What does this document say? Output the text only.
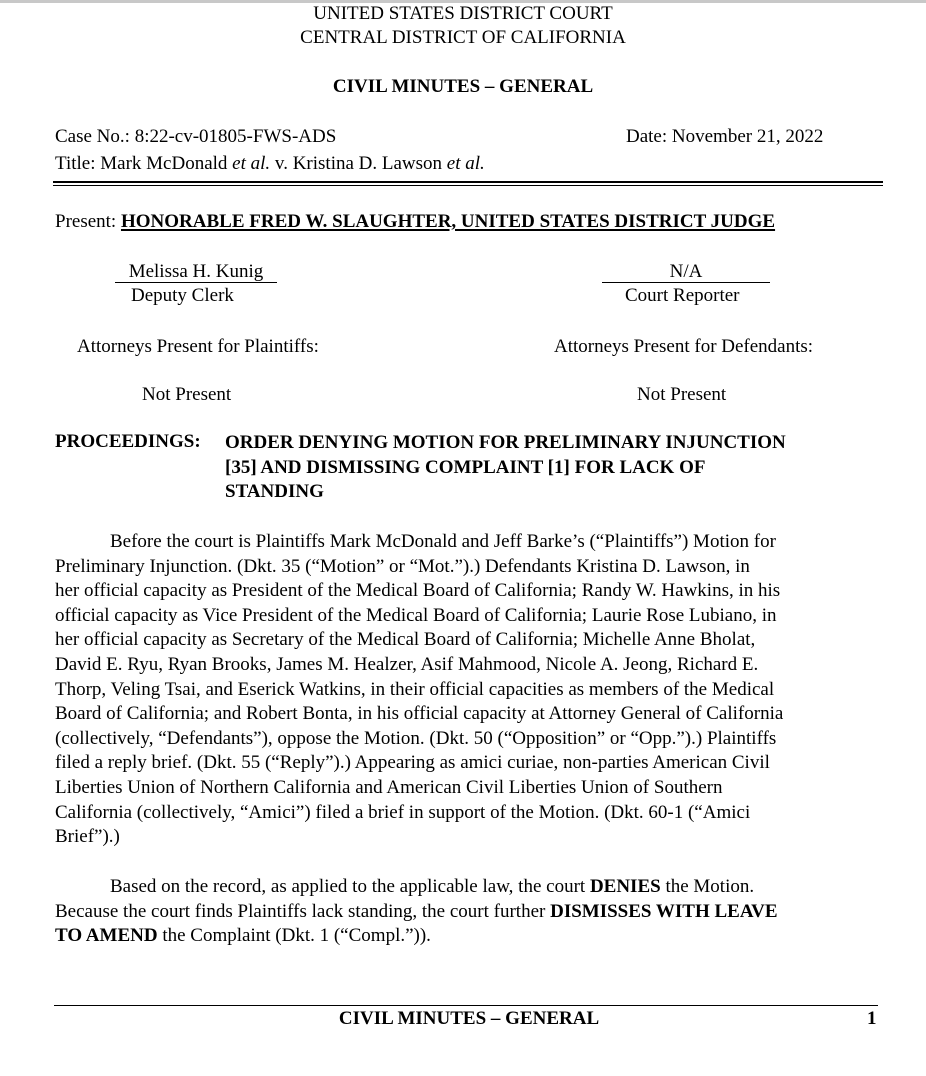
UNITED STATES DISTRICT COURT
CENTRAL DISTRICT OF CALIFORNIA
CIVIL MINUTES – GENERAL
Case No.: 8:22-cv-01805-FWS-ADS	Date: November 21, 2022
Title: Mark McDonald et al. v. Kristina D. Lawson et al.
Present: HONORABLE FRED W. SLAUGHTER, UNITED STATES DISTRICT JUDGE
Melissa H. Kunig
Deputy Clerk
N/A
Court Reporter
Attorneys Present for Plaintiffs:	Attorneys Present for Defendants:
Not Present	Not Present
PROCEEDINGS: ORDER DENYING MOTION FOR PRELIMINARY INJUNCTION
[35] AND DISMISSING COMPLAINT [1] FOR LACK OF
STANDING
Before the court is Plaintiffs Mark McDonald and Jeff Barke’s (“Plaintiffs”) Motion for
Preliminary Injunction. (Dkt. 35 (“Motion” or “Mot.”).) Defendants Kristina D. Lawson, in
her official capacity as President of the Medical Board of California; Randy W. Hawkins, in his
official capacity as Vice President of the Medical Board of California; Laurie Rose Lubiano, in
her official capacity as Secretary of the Medical Board of California; Michelle Anne Bholat,
David E. Ryu, Ryan Brooks, James M. Healzer, Asif Mahmood, Nicole A. Jeong, Richard E.
Thorp, Veling Tsai, and Eserick Watkins, in their official capacities as members of the Medical
Board of California; and Robert Bonta, in his official capacity at Attorney General of California
(collectively, “Defendants”), oppose the Motion. (Dkt. 50 (“Opposition” or “Opp.”).) Plaintiffs
filed a reply brief. (Dkt. 55 (“Reply”).) Appearing as amici curiae, non-parties American Civil
Liberties Union of Northern California and American Civil Liberties Union of Southern
California (collectively, “Amici”) filed a brief in support of the Motion. (Dkt. 60-1 (“Amici
Brief”).)
Based on the record, as applied to the applicable law, the court DENIES the Motion.
Because the court finds Plaintiffs lack standing, the court further DISMISSES WITH LEAVE
TO AMEND the Complaint (Dkt. 1 (“Compl.”)).
CIVIL MINUTES – GENERAL	1
